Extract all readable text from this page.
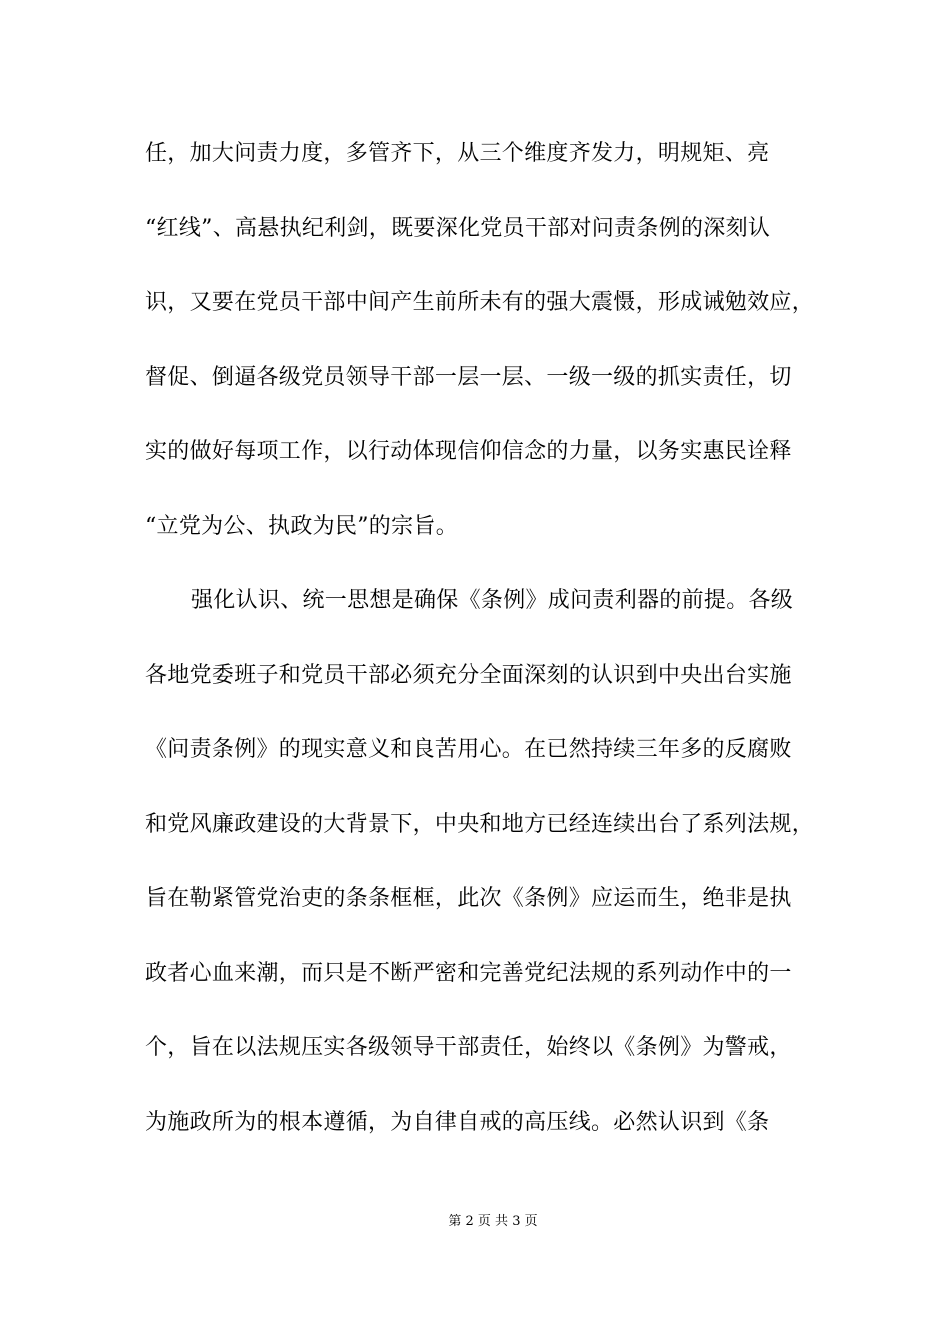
任，加大问责力度，多管齐下，从三个维度齐发力，明规矩、亮
“红线”、高悬执纪利剑，既要深化党员干部对问责条例的深刻认
识，又要在党员干部中间产生前所未有的强大震慑，形成诫勉效应，
督促、倒逼各级党员领导干部一层一层、一级一级的抓实责任，切
实的做好每项工作，以行动体现信仰信念的力量，以务实惠民诠释
“立党为公、执政为民”的宗旨。
强化认识、统一思想是确保《条例》成问责利器的前提。各级
各地党委班子和党员干部必须充分全面深刻的认识到中央出台实施
《问责条例》的现实意义和良苦用心。在已然持续三年多的反腐败
和党风廉政建设的大背景下，中央和地方已经连续出台了系列法规，
旨在勒紧管党治吏的条条框框，此次《条例》应运而生，绝非是执
政者心血来潮，而只是不断严密和完善党纪法规的系列动作中的一
个，旨在以法规压实各级领导干部责任，始终以《条例》为警戒，
为施政所为的根本遵循，为自律自戒的高压线。必然认识到《条
第 2 页 共 3 页
